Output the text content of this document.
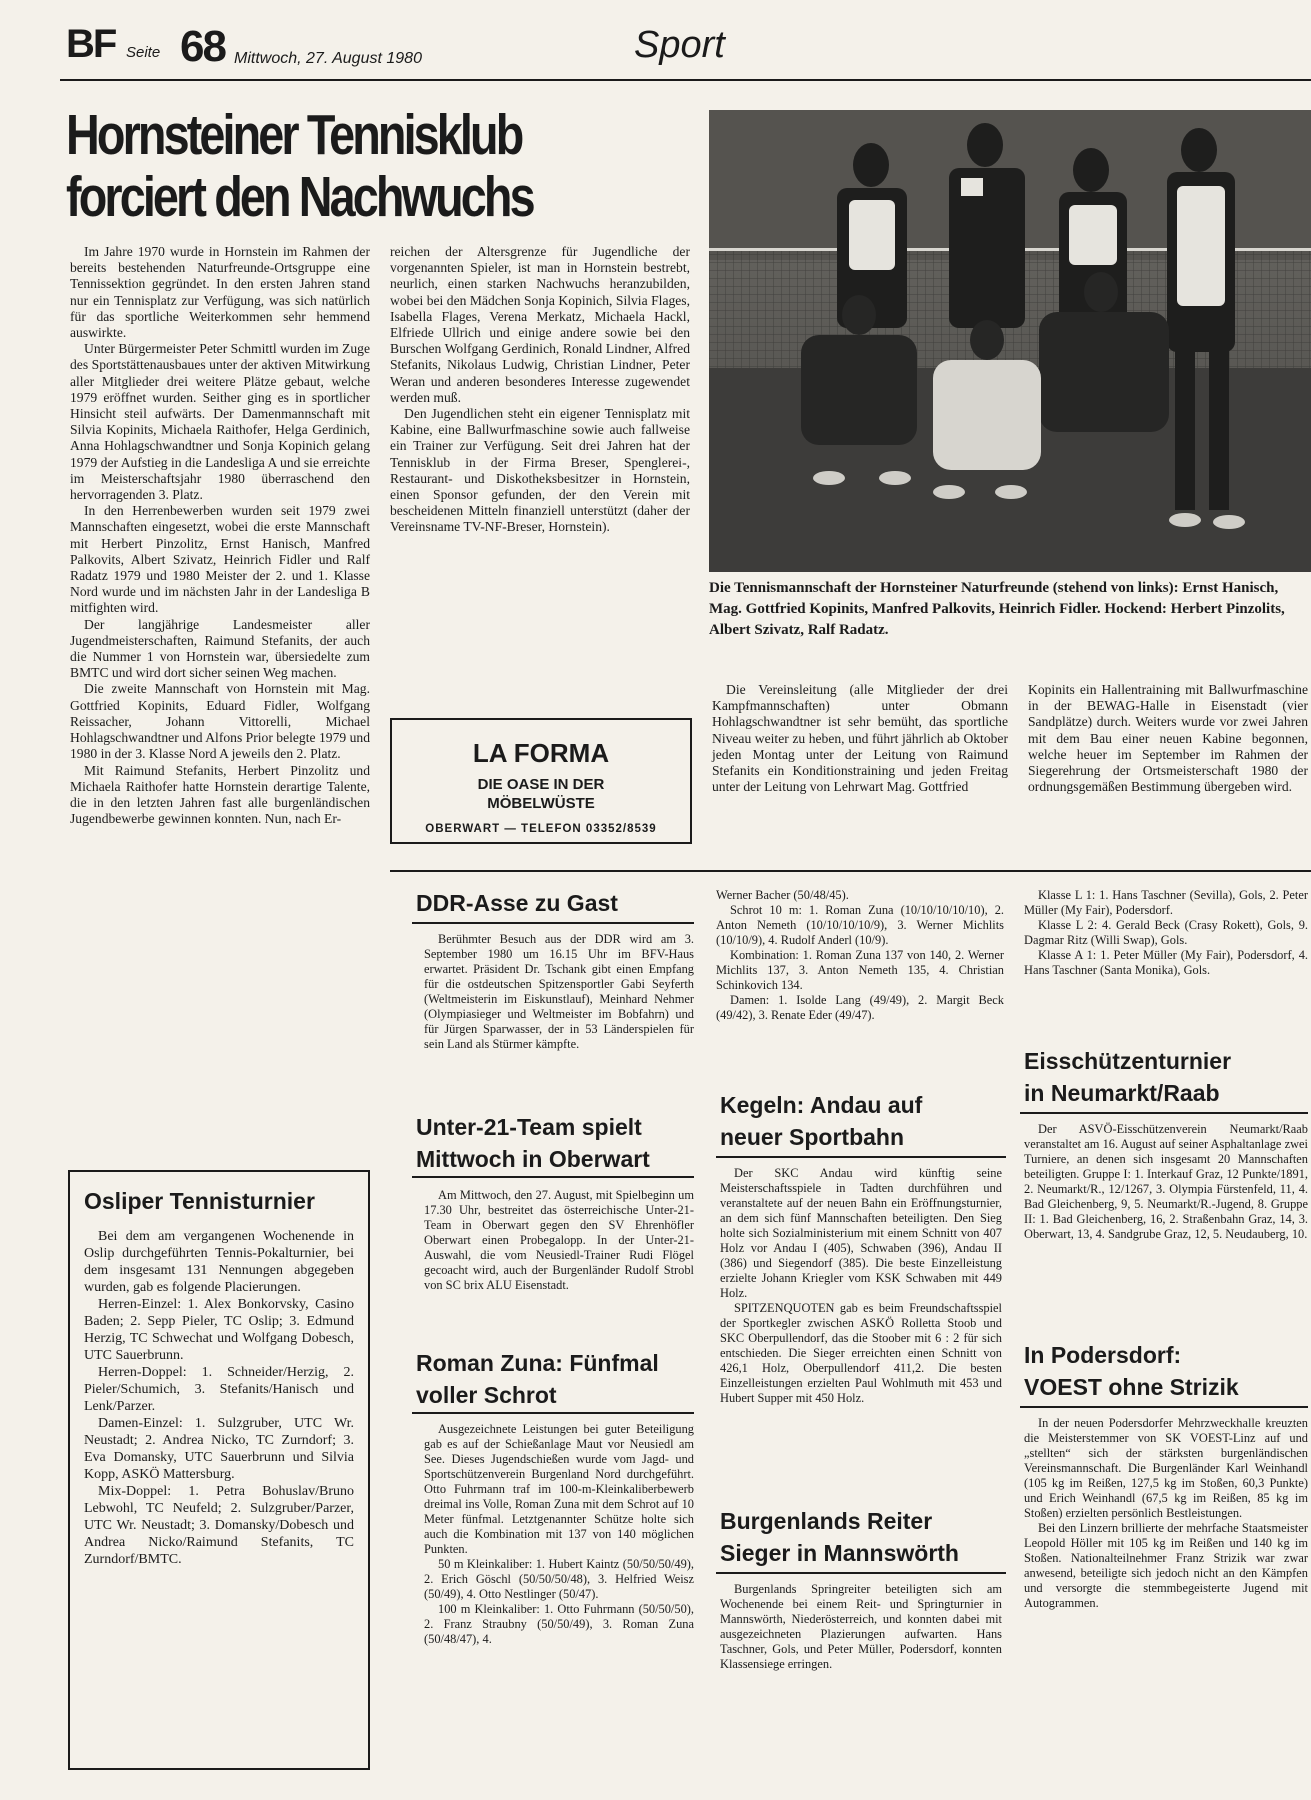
BF Seite 68 Mittwoch, 27. August 1980	Sport
Hornsteiner Tennisklub
forciert den Nachwuchs

Im Jahre 1970 wurde in Hornstein im Rahmen der bereits bestehenden Naturfreunde-Ortsgruppe eine Tennissektion gegründet. In den ersten Jahren stand nur ein Tennisplatz zur Verfügung, was sich natürlich für das sportliche Weiterkommen sehr hemmend auswirkte.

Unter Bürgermeister Peter Schmittl wurden im Zuge des Sportstättenausbaues unter der aktiven Mitwirkung aller Mitglieder drei weitere Plätze gebaut, welche 1979 eröffnet wurden. Seither ging es in sportlicher Hinsicht steil aufwärts. Der Damenmannschaft mit Silvia Kopinits, Michaela Raithofer, Helga Gerdinich, Anna Hohlagschwandtner und Sonja Kopinich gelang 1979 der Aufstieg in die Landesliga A und sie erreichte im Meisterschaftsjahr 1980 überraschend den hervorragenden 3. Platz.

In den Herrenbewerben wurden seit 1979 zwei Mannschaften eingesetzt, wobei die erste Mannschaft mit Herbert Pinzolitz, Ernst Hanisch, Manfred Palkovits, Albert Szivatz, Heinrich Fidler und Ralf Radatz 1979 und 1980 Meister der 2. und 1. Klasse Nord wurde und im nächsten Jahr in der Landesliga B mitfighten wird.

Der langjährige Landesmeister aller Jugendmeisterschaften, Raimund Stefanits, der auch die Nummer 1 von Hornstein war, übersiedelte zum BMTC und wird dort sicher seinen Weg machen.

Die zweite Mannschaft von Hornstein mit Mag. Gottfried Kopinits, Eduard Fidler, Wolfgang Reissacher, Johann Vittorelli, Michael Hohlagschwandtner und Alfons Prior belegte 1979 und 1980 in der 3. Klasse Nord A jeweils den 2. Platz.

Mit Raimund Stefanits, Herbert Pinzolitz und Michaela Raithofer hatte Hornstein derartige Talente, die in den letzten Jahren fast alle burgenländischen Jugendbewerbe gewinnen konnten. Nun, nach Er-

reichen der Altersgrenze für Jugendliche der vorgenannten Spieler, ist man in Hornstein bestrebt, neurlich, einen starken Nachwuchs heranzubilden, wobei bei den Mädchen Sonja Kopinich, Silvia Flages, Isabella Flages, Verena Merkatz, Michaela Hackl, Elfriede Ullrich und einige andere sowie bei den Burschen Wolfgang Gerdinich, Ronald Lindner, Alfred Stefanits, Nikolaus Ludwig, Christian Lindner, Peter Weran und anderen besonderes Interesse zugewendet werden muß.

Den Jugendlichen steht ein eigener Tennisplatz mit Kabine, eine Ballwurfmaschine sowie auch fallweise ein Trainer zur Verfügung. Seit drei Jahren hat der Tennisklub in der Firma Breser, Spenglerei-, Restaurant- und Diskotheksbesitzer in Hornstein, einen Sponsor gefunden, der den Verein mit bescheidenen Mitteln finanziell unterstützt (daher der Vereinsname TV-NF-Breser, Hornstein).

Die Tennismannschaft der Hornsteiner Naturfreunde (stehend von links): Ernst Hanisch, Mag. Gottfried Kopinits, Manfred Palkovits, Heinrich Fidler. Hockend: Herbert Pinzolits, Albert Szivatz, Ralf Radatz.

Die Vereinsleitung (alle Mitglieder der drei Kampfmannschaften) unter Obmann Hohlagschwandtner ist sehr bemüht, das sportliche Niveau weiter zu heben, und führt jährlich ab Oktober jeden Montag unter der Leitung von Raimund Stefanits ein Konditionstraining und jeden Freitag unter der Leitung von Lehrwart Mag. Gottfried

Kopinits ein Hallentraining mit Ballwurfmaschine in der BEWAG-Halle in Eisenstadt (vier Sandplätze) durch. Weiters wurde vor zwei Jahren mit dem Bau einer neuen Kabine begonnen, welche heuer im September im Rahmen der Siegerehrung der Ortsmeisterschaft 1980 der ordnungsgemäßen Bestimmung übergeben wird.

LA FORMA
DIE OASE IN DER
MÖBELWÜSTE
OBERWART — TELEFON 03352/8539
Osliper Tennisturnier

Bei dem am vergangenen Wochenende in Oslip durchgeführten Tennis-Pokalturnier, bei dem insgesamt 131 Nennungen abgegeben wurden, gab es folgende Placierungen.

Herren-Einzel: 1. Alex Bonkorvsky, Casino Baden; 2. Sepp Pieler, TC Oslip; 3. Edmund Herzig, TC Schwechat und Wolfgang Dobesch, UTC Sauerbrunn.

Herren-Doppel: 1. Schneider/Herzig, 2. Pieler/Schumich, 3. Stefanits/Hanisch und Lenk/Parzer.

Damen-Einzel: 1. Sulzgruber, UTC Wr. Neustadt; 2. Andrea Nicko, TC Zurndorf; 3. Eva Domansky, UTC Sauerbrunn und Silvia Kopp, ASKÖ Mattersburg.

Mix-Doppel: 1. Petra Bohuslav/Bruno Lebwohl, TC Neufeld; 2. Sulzgruber/Parzer, UTC Wr. Neustadt; 3. Domansky/Dobesch und Andrea Nicko/Raimund Stefanits, TC Zurndorf/BMTC.

DDR-Asse zu Gast

Berühmter Besuch aus der DDR wird am 3. September 1980 um 16.15 Uhr im BFV-Haus erwartet. Präsident Dr. Tschank gibt einen Empfang für die ostdeutschen Spitzensportler Gabi Seyferth (Weltmeisterin im Eiskunstlauf), Meinhard Nehmer (Olympiasieger und Weltmeister im Bobfahrn) und für Jürgen Sparwasser, der in 53 Länderspielen für sein Land als Stürmer kämpfte.

Unter-21-Team spielt
Mittwoch in Oberwart

Am Mittwoch, den 27. August, mit Spielbeginn um 17.30 Uhr, bestreitet das österreichische Unter-21-Team in Oberwart gegen den SV Ehrenhöfler Oberwart einen Probegalopp. In der Unter-21-Auswahl, die vom Neusiedl-Trainer Rudi Flögel gecoacht wird, auch der Burgenländer Rudolf Strobl von SC brix ALU Eisenstadt.

Roman Zuna: Fünfmal
voller Schrot

Ausgezeichnete Leistungen bei guter Beteiligung gab es auf der Schießanlage Maut vor Neusiedl am See. Dieses Jugendschießen wurde vom Jagd- und Sportschützenverein Burgenland Nord durchgeführt. Otto Fuhrmann traf im 100-m-Kleinkaliberbewerb dreimal ins Volle, Roman Zuna mit dem Schrot auf 10 Meter fünfmal. Letztgenannter Schütze holte sich auch die Kombination mit 137 von 140 möglichen Punkten.

50 m Kleinkaliber: 1. Hubert Kaintz (50/50/50/49), 2. Erich Göschl (50/50/50/48), 3. Helfried Weisz (50/49), 4. Otto Nestlinger (50/47).

100 m Kleinkaliber: 1. Otto Fuhrmann (50/50/50), 2. Franz Straubny (50/50/49), 3. Roman Zuna (50/48/47), 4.

Werner Bacher (50/48/45).

Schrot 10 m: 1. Roman Zuna (10/10/10/10/10), 2. Anton Nemeth (10/10/10/10/9), 3. Werner Michlits (10/10/9), 4. Rudolf Anderl (10/9).

Kombination: 1. Roman Zuna 137 von 140, 2. Werner Michlits 137, 3. Anton Nemeth 135, 4. Christian Schinkovich 134.

Damen: 1. Isolde Lang (49/49), 2. Margit Beck (49/42), 3. Renate Eder (49/47).

Kegeln: Andau auf
neuer Sportbahn

Der SKC Andau wird künftig seine Meisterschaftsspiele in Tadten durchführen und veranstaltete auf der neuen Bahn ein Eröffnungsturnier, an dem sich fünf Mannschaften beteiligten. Den Sieg holte sich Sozialministerium mit einem Schnitt von 407 Holz vor Andau I (405), Schwaben (396), Andau II (386) und Siegendorf (385). Die beste Einzelleistung erzielte Johann Kriegler vom KSK Schwaben mit 449 Holz.

SPITZENQUOTEN gab es beim Freundschaftsspiel der Sportkegler zwischen ASKÖ Rolletta Stoob und SKC Oberpullendorf, das die Stoober mit 6 : 2 für sich entschieden. Die Sieger erreichten einen Schnitt von 426,1 Holz, Oberpullendorf 411,2. Die besten Einzelleistungen erzielten Paul Wohlmuth mit 453 und Hubert Supper mit 450 Holz.

Burgenlands Reiter
Sieger in Mannswörth

Burgenlands Springreiter beteiligten sich am Wochenende bei einem Reit- und Springturnier in Mannswörth, Niederösterreich, und konnten dabei mit ausgezeichneten Plazierungen aufwarten. Hans Taschner, Gols, und Peter Müller, Podersdorf, konnten Klassensiege erringen.

Klasse L 1: 1. Hans Taschner (Sevilla), Gols, 2. Peter Müller (My Fair), Podersdorf.

Klasse L 2: 4. Gerald Beck (Crasy Rokett), Gols, 9. Dagmar Ritz (Willi Swap), Gols.

Klasse A 1: 1. Peter Müller (My Fair), Podersdorf, 4. Hans Taschner (Santa Monika), Gols.

Eisschützenturnier
in Neumarkt/Raab

Der ASVÖ-Eisschützenverein Neumarkt/Raab veranstaltet am 16. August auf seiner Asphaltanlage zwei Turniere, an denen sich insgesamt 20 Mannschaften beteiligten. Gruppe I: 1. Interkauf Graz, 12 Punkte/1891, 2. Neumarkt/R., 12/1267, 3. Olympia Fürstenfeld, 11, 4. Bad Gleichenberg, 9, 5. Neumarkt/R.-Jugend, 8. Gruppe II: 1. Bad Gleichenberg, 16, 2. Straßenbahn Graz, 14, 3. Oberwart, 13, 4. Sandgrube Graz, 12, 5. Neudauberg, 10.

In Podersdorf:
VOEST ohne Strizik

In der neuen Podersdorfer Mehrzweckhalle kreuzten die Meisterstemmer von SK VOEST-Linz auf und „stellten“ sich der stärksten burgenländischen Vereinsmannschaft. Die Burgenländer Karl Weinhandl (105 kg im Reißen, 127,5 kg im Stoßen, 60,3 Punkte) und Erich Weinhandl (67,5 kg im Reißen, 85 kg im Stoßen) erzielten persönlich Bestleistungen.

Bei den Linzern brillierte der mehrfache Staatsmeister Leopold Höller mit 105 kg im Reißen und 140 kg im Stoßen. Nationalteilnehmer Franz Strizik war zwar anwesend, beteiligte sich jedoch nicht an den Kämpfen und versorgte die stemmbegeisterte Jugend mit Autogrammen.
